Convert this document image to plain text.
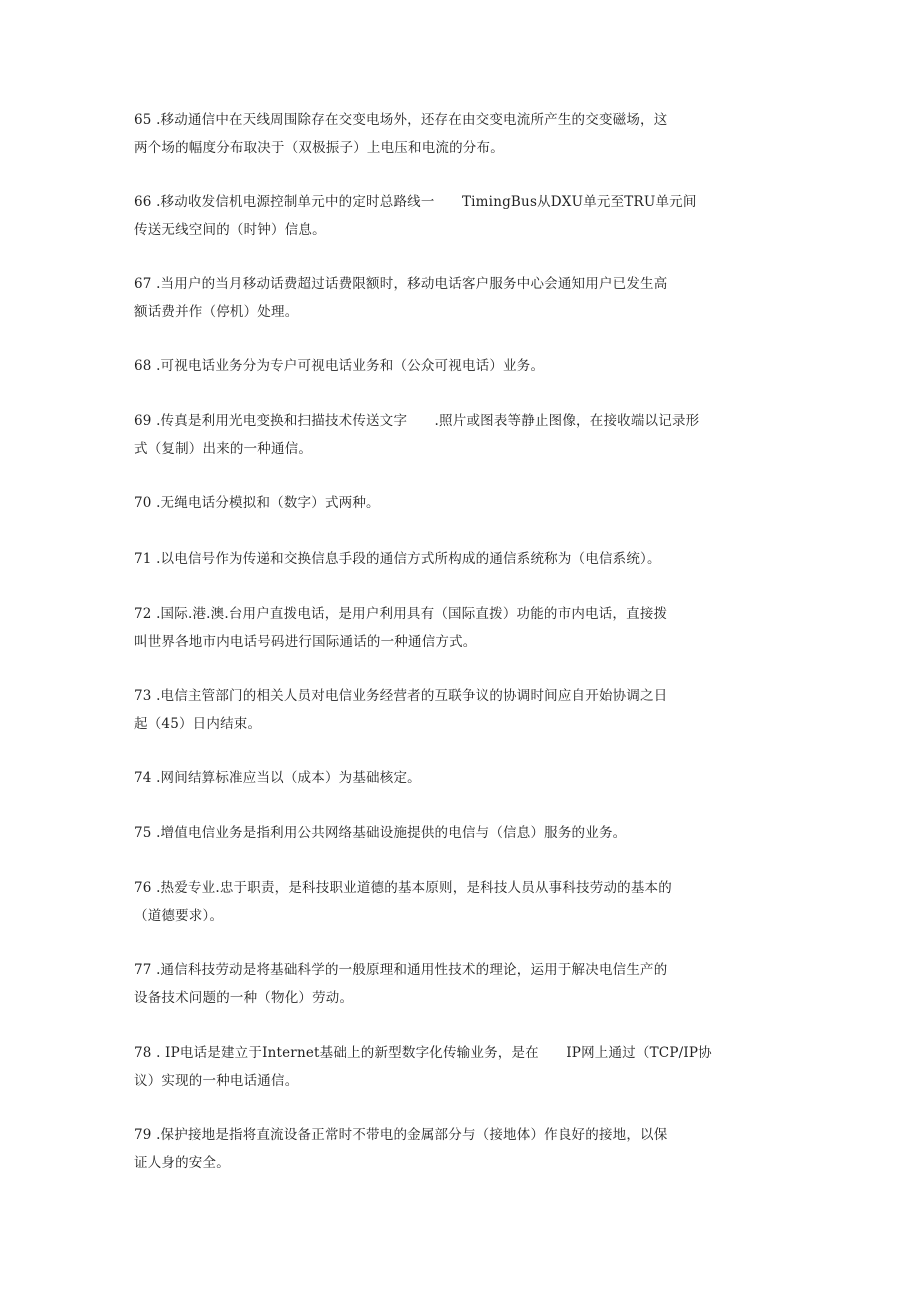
65 .移动通信中在天线周围除存在交变电场外，还存在由交变电流所产生的交变磁场，这
两个场的幅度分布取决于（双极振子）上电压和电流的分布。
66 .移动收发信机电源控制单元中的定时总路线一　　TimingBus从DXU单元至TRU单元间
传送无线空间的（时钟）信息。
67 .当用户的当月移动话费超过话费限额时，移动电话客户服务中心会通知用户已发生高
额话费并作（停机）处理。
68 .可视电话业务分为专户可视电话业务和（公众可视电话）业务。
69 .传真是利用光电变换和扫描技术传送文字　　.照片或图表等静止图像，在接收端以记录形
式（复制）出来的一种通信。
70 .无绳电话分模拟和（数字）式两种。
71 .以电信号作为传递和交换信息手段的通信方式所构成的通信系统称为（电信系统）。
72 .国际.港.澳.台用户直拨电话，是用户利用具有（国际直拨）功能的市内电话，直接拨
叫世界各地市内电话号码进行国际通话的一种通信方式。
73 .电信主管部门的相关人员对电信业务经营者的互联争议的协调时间应自开始协调之日
起（45）日内结束。
74 .网间结算标准应当以（成本）为基础核定。
75 .增值电信业务是指利用公共网络基础设施提供的电信与（信息）服务的业务。
76 .热爱专业.忠于职责，是科技职业道德的基本原则，是科技人员从事科技劳动的基本的
（道德要求）。
77 .通信科技劳动是将基础科学的一般原理和通用性技术的理论，运用于解决电信生产的
设备技术问题的一种（物化）劳动。
78 . IP电话是建立于Internet基础上的新型数字化传输业务，是在　　IP网上通过（TCP/IP协
议）实现的一种电话通信。
79 .保护接地是指将直流设备正常时不带电的金属部分与（接地体）作良好的接地，以保
证人身的安全。
